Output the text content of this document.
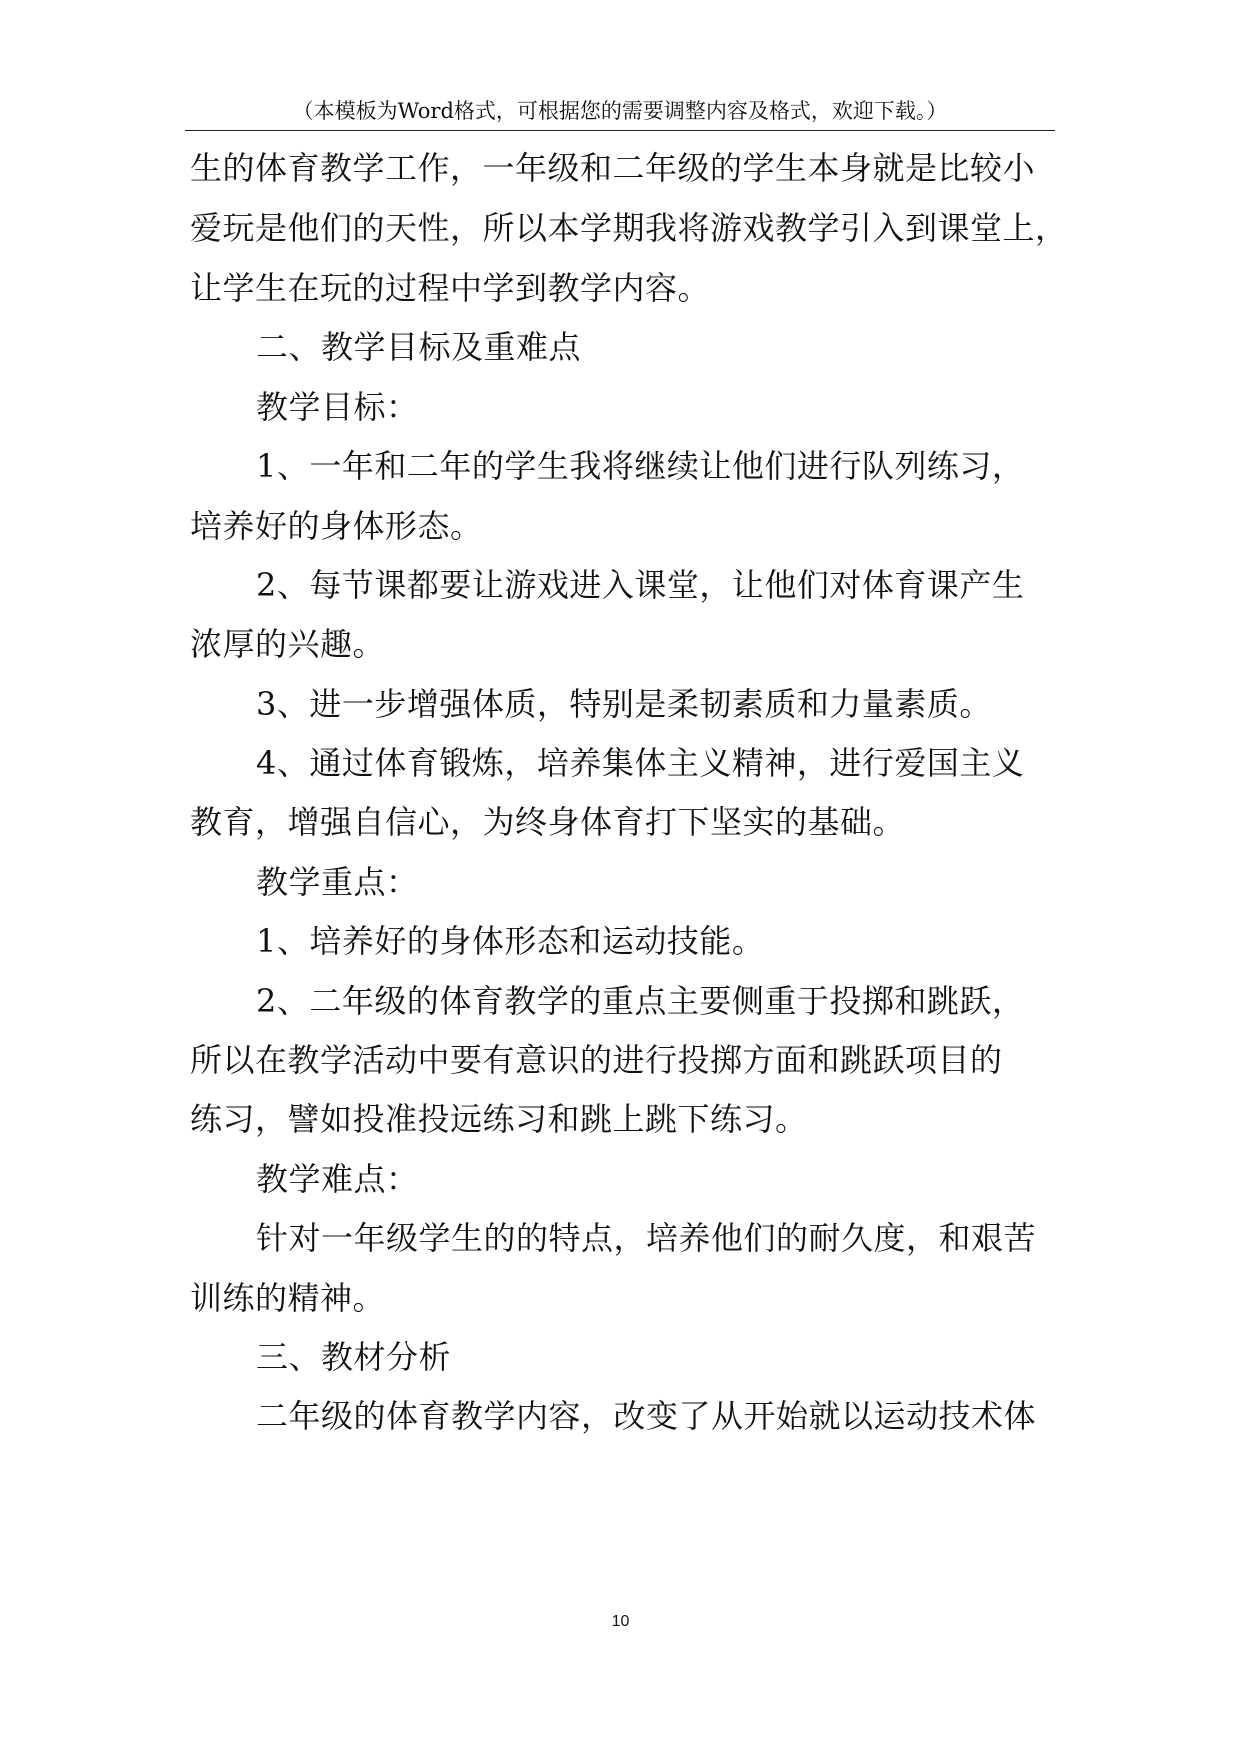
（本模板为Word格式，可根据您的需要调整内容及格式，欢迎下载。）
生的体育教学工作，一年级和二年级的学生本身就是比较小
爱玩是他们的天性，所以本学期我将游戏教学引入到课堂上，
让学生在玩的过程中学到教学内容。
二、教学目标及重难点
教学目标：
1、一年和二年的学生我将继续让他们进行队列练习，
培养好的身体形态。
2、每节课都要让游戏进入课堂，让他们对体育课产生
浓厚的兴趣。
3、进一步增强体质，特别是柔韧素质和力量素质。
4、通过体育锻炼，培养集体主义精神，进行爱国主义
教育，增强自信心，为终身体育打下坚实的基础。
教学重点：
1、培养好的身体形态和运动技能。
2、二年级的体育教学的重点主要侧重于投掷和跳跃，
所以在教学活动中要有意识的进行投掷方面和跳跃项目的
练习，譬如投准投远练习和跳上跳下练习。
教学难点：
针对一年级学生的的特点，培养他们的耐久度，和艰苦
训练的精神。
三、教材分析
二年级的体育教学内容，改变了从开始就以运动技术体
10
